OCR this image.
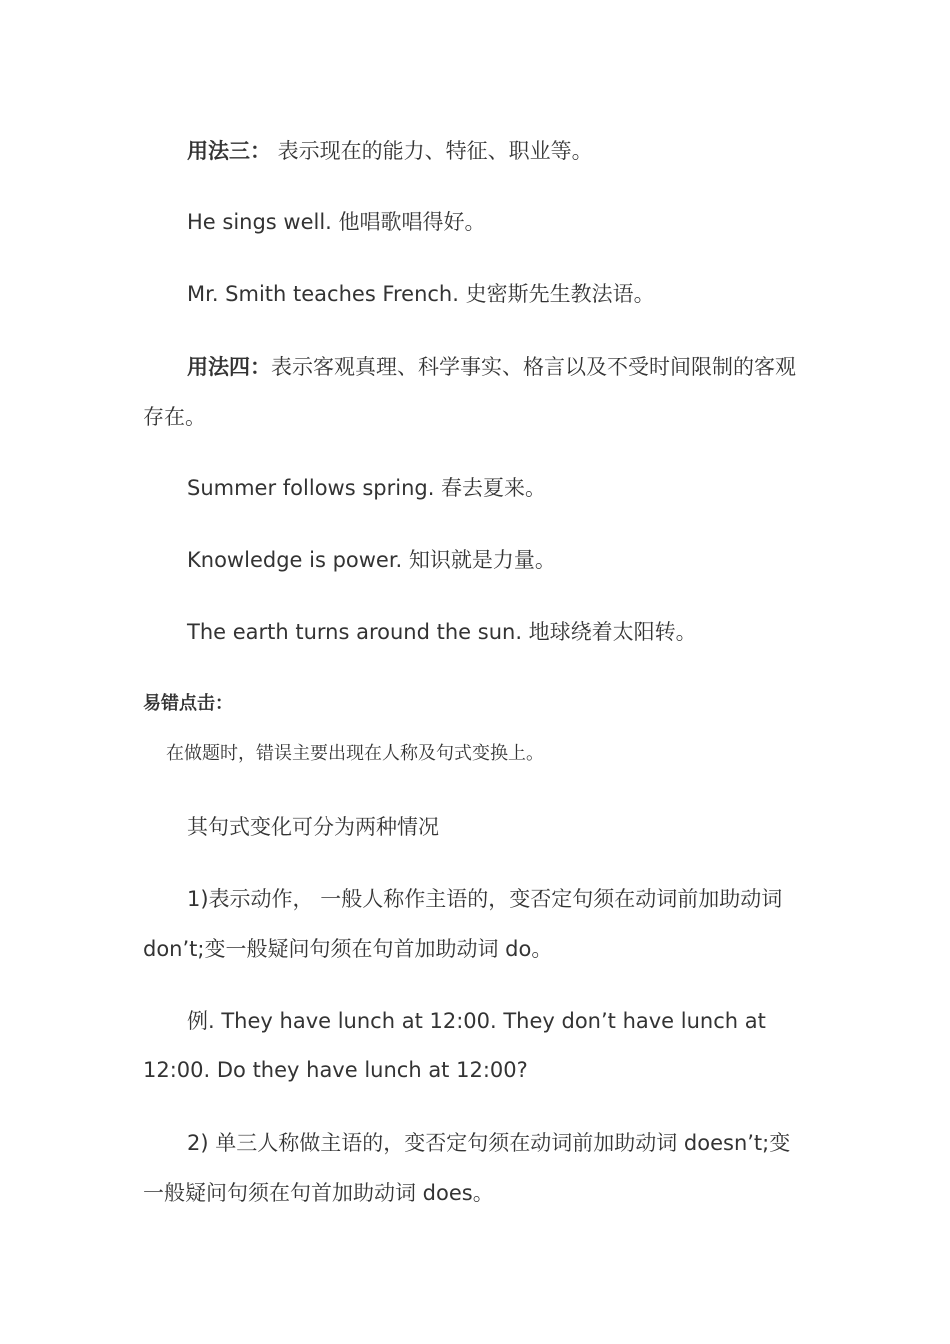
用法三： 表示现在的能力、特征、职业等。
He sings well. 他唱歌唱得好。
Mr. Smith teaches French. 史密斯先生教法语。
用法四：表示客观真理、科学事实、格言以及不受时间限制的客观
存在。
Summer follows spring. 春去夏来。
Knowledge is power. 知识就是力量。
The earth turns around the sun. 地球绕着太阳转。
易错点击：
在做题时，错误主要出现在人称及句式变换上。
其句式变化可分为两种情况
1)表示动作， 一般人称作主语的，变否定句须在动词前加助动词
don’t;变一般疑问句须在句首加助动词 do。
例. They have lunch at 12:00. They don’t have lunch at
12:00. Do they have lunch at 12:00?
2) 单三人称做主语的，变否定句须在动词前加助动词 doesn’t;变
一般疑问句须在句首加助动词 does。
